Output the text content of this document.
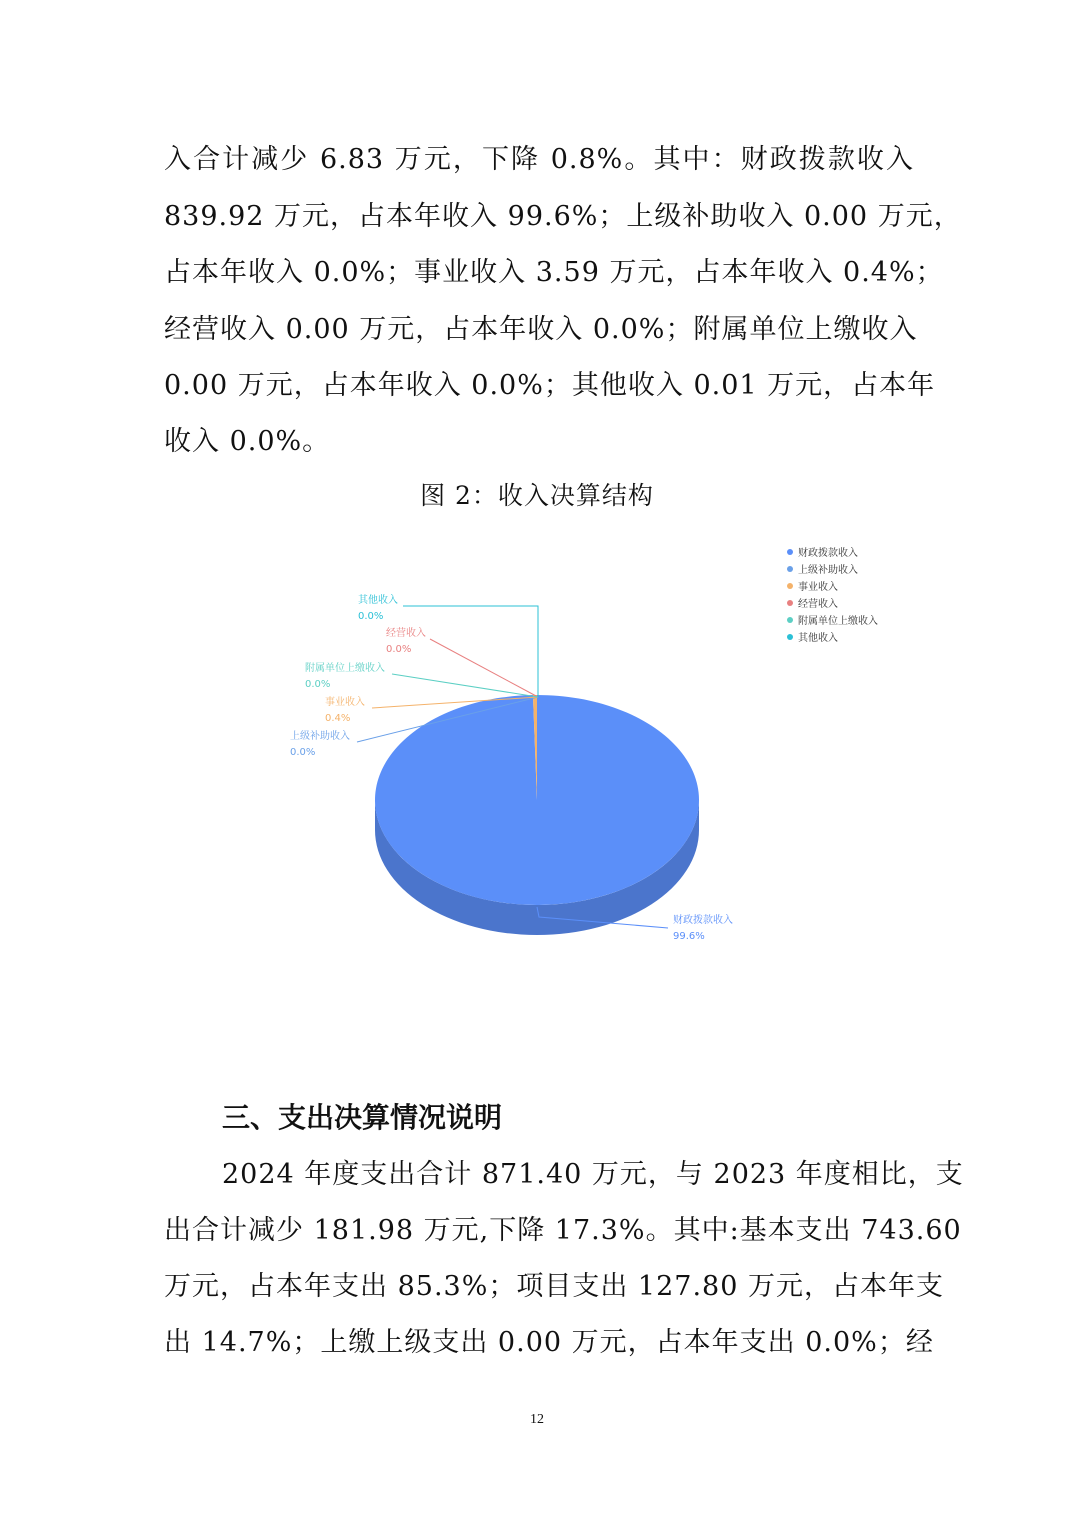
入合计减少 6.83 万元，下降 0.8%。其中：财政拨款收入
839.92 万元，占本年收入 99.6%；上级补助收入 0.00 万元，
占本年收入 0.0%；事业收入 3.59 万元，占本年收入 0.4%；
经营收入 0.00 万元，占本年收入 0.0%；附属单位上缴收入
0.00 万元，占本年收入 0.0%；其他收入 0.01 万元，占本年
收入 0.0%。
图 2：收入决算结构
财政拨款收入
99.6%
上级补助收入
0.0%
事业收入
0.4%
经营收入
0.0%
附属单位上缴收入
0.0%
其他收入
0.0%
财政拨款收入
上级补助收入
事业收入
经营收入
附属单位上缴收入
其他收入
三、支出决算情况说明
2024 年度支出合计 871.40 万元，与 2023 年度相比，支
出合计减少 181.98 万元,下降 17.3%。其中:基本支出 743.60
万元，占本年支出 85.3%；项目支出 127.80 万元，占本年支
出 14.7%；上缴上级支出 0.00 万元，占本年支出 0.0%；经
12
